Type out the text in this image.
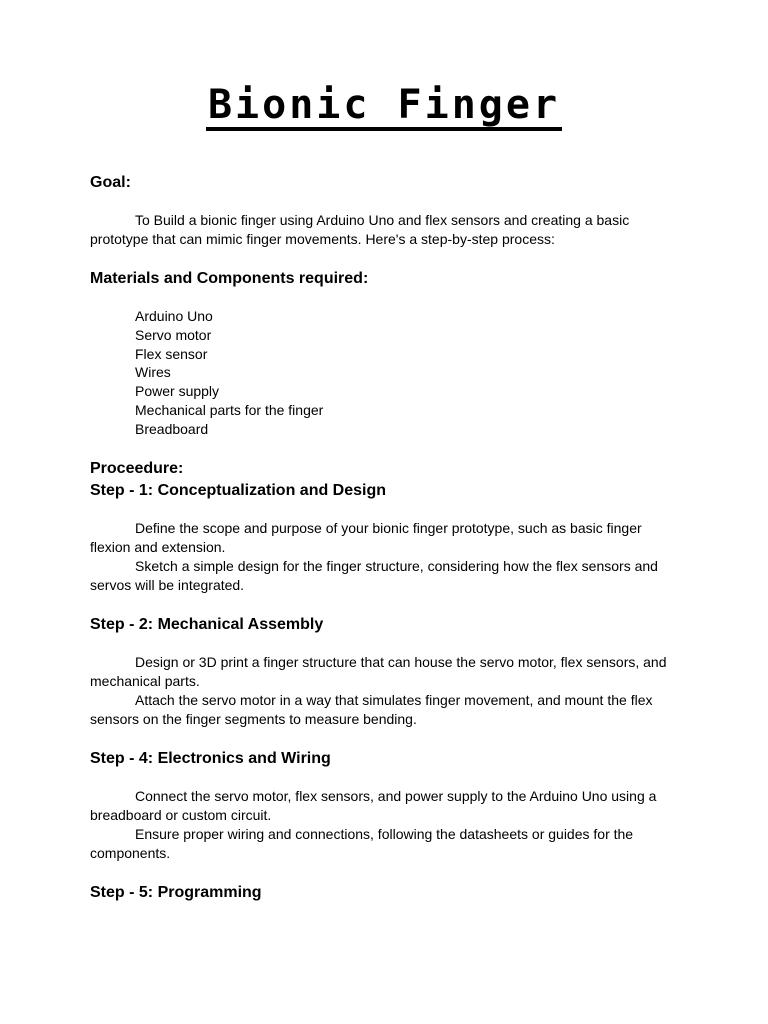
Bionic Finger
Goal:

To Build a bionic finger using Arduino Uno and flex sensors and creating a basic prototype that can mimic finger movements. Here's a step-by-step process:

Materials and Components required:
Arduino Uno
Servo motor
Flex sensor
Wires
Power supply
Mechanical parts for the finger
Breadboard
Proceedure:
Step - 1: Conceptualization and Design

Define the scope and purpose of your bionic finger prototype, such as basic finger flexion and extension.

Sketch a simple design for the finger structure, considering how the flex sensors and servos will be integrated.

Step - 2: Mechanical Assembly

Design or 3D print a finger structure that can house the servo motor, flex sensors, and mechanical parts.

Attach the servo motor in a way that simulates finger movement, and mount the flex sensors on the finger segments to measure bending.

Step - 4: Electronics and Wiring

Connect the servo motor, flex sensors, and power supply to the Arduino Uno using a breadboard or custom circuit.

Ensure proper wiring and connections, following the datasheets or guides for the components.

Step - 5: Programming
